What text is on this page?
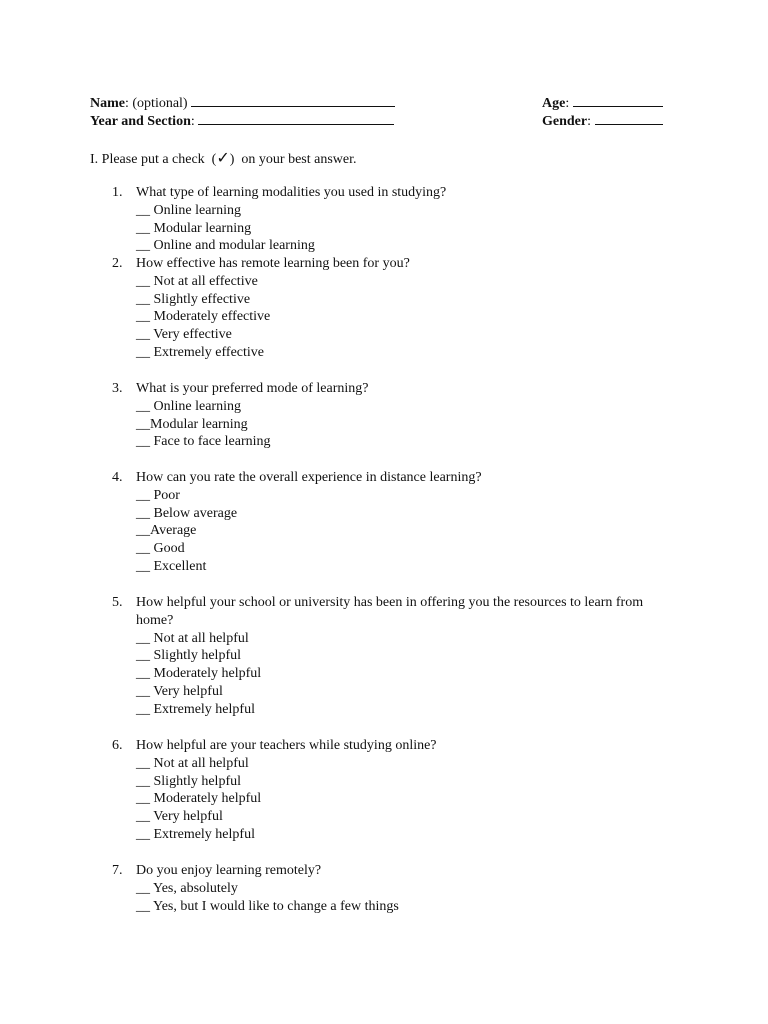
Name: (optional)
Year and Section:
Age:
Gender:
I. Please put a check  (✓)  on your best answer.
1. What type of learning modalities you used in studying?
__ Online learning
__ Modular learning
__ Online and modular learning
2. How effective has remote learning been for you?
__ Not at all effective
__ Slightly effective
__ Moderately effective
__ Very effective
__ Extremely effective
3. What is your preferred mode of learning?
__ Online learning
__Modular learning
__ Face to face learning
4. How can you rate the overall experience in distance learning?
__ Poor
__ Below average
__Average
__ Good
__ Excellent
5. How helpful your school or university has been in offering you the resources to learn from home?
__ Not at all helpful
__ Slightly helpful
__ Moderately helpful
__ Very helpful
__ Extremely helpful
6. How helpful are your teachers while studying online?
__ Not at all helpful
__ Slightly helpful
__ Moderately helpful
__ Very helpful
__ Extremely helpful
7. Do you enjoy learning remotely?
__ Yes, absolutely
__ Yes, but I would like to change a few things
